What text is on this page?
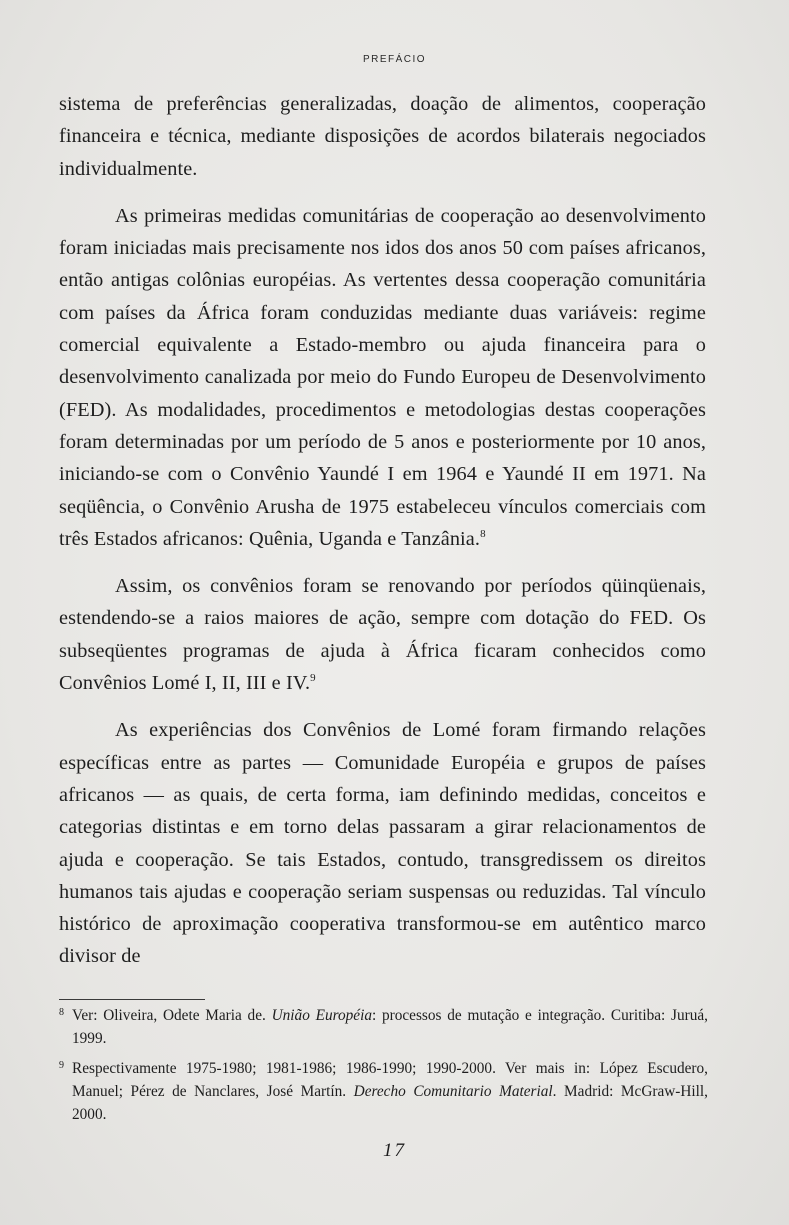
PREFÁCIO

sistema de preferências generalizadas, doação de alimentos, cooperação financeira e técnica, mediante disposições de acordos bilaterais negociados individualmente.

As primeiras medidas comunitárias de cooperação ao desenvolvimento foram iniciadas mais precisamente nos idos dos anos 50 com países africanos, então antigas colônias européias. As vertentes dessa cooperação comunitária com países da África foram conduzidas mediante duas variáveis: regime comercial equivalente a Estado-membro ou ajuda financeira para o desenvolvimento canalizada por meio do Fundo Europeu de Desenvolvimento (FED). As modalidades, procedimentos e metodologias destas cooperações foram determinadas por um período de 5 anos e posteriormente por 10 anos, iniciando-se com o Convênio Yaundé I em 1964 e Yaundé II em 1971. Na seqüência, o Convênio Arusha de 1975 estabeleceu vínculos comerciais com três Estados africanos: Quênia, Uganda e Tanzânia.$^8$

Assim, os convênios foram se renovando por períodos qüinqüenais, estendendo-se a raios maiores de ação, sempre com dotação do FED. Os subseqüentes programas de ajuda à África ficaram conhecidos como Convênios Lomé I, II, III e IV.$^9$

As experiências dos Convênios de Lomé foram firmando relações específicas entre as partes — Comunidade Européia e grupos de países africanos — as quais, de certa forma, iam definindo medidas, conceitos e categorias distintas e em torno delas passaram a girar relacionamentos de ajuda e cooperação. Se tais Estados, contudo, transgredissem os direitos humanos tais ajudas e cooperação seriam suspensas ou reduzidas. Tal vínculo histórico de aproximação cooperativa transformou-se em autêntico marco divisor de

8 Ver: Oliveira, Odete Maria de. União Européia: processos de mutação e integração. Curitiba: Juruá, 1999.
9 Respectivamente 1975-1980; 1981-1986; 1986-1990; 1990-2000. Ver mais in: López Escudero, Manuel; Pérez de Nanclares, José Martín. Derecho Comunitario Material. Madrid: McGraw-Hill, 2000.
17
